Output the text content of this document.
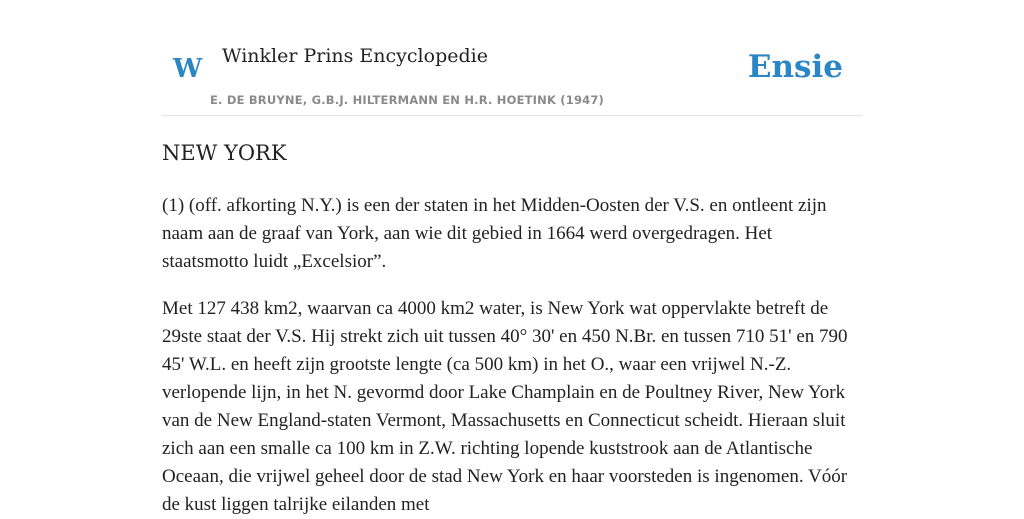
W Winkler Prins Encyclopedie
E. DE BRUYNE, G.B.J. HILTERMANN EN H.R. HOETINK (1947)
Ensie
NEW YORK

(1) (off. afkorting N.Y.) is een der staten in het Midden-Oosten der V.S. en ontleent zijn naam aan de graaf van York, aan wie dit gebied in 1664 werd overgedragen. Het staatsmotto luidt „Excelsior”.

Met 127 438 km2, waarvan ca 4000 km2 water, is New York wat oppervlakte betreft de 29ste staat der V.S. Hij strekt zich uit tussen 40° 30' en 450 N.Br. en tussen 710 51' en 790 45' W.L. en heeft zijn grootste lengte (ca 500 km) in het O., waar een vrijwel N.-Z. verlopende lijn, in het N. gevormd door Lake Champlain en de Poultney River, New York van de New England-staten Vermont, Massachusetts en Connecticut scheidt. Hieraan sluit zich aan een smalle ca 100 km in Z.W. richting lopende kuststrook aan de Atlantische Oceaan, die vrijwel geheel door de stad New York en haar voorsteden is ingenomen. Vóór de kust liggen talrijke eilanden met
